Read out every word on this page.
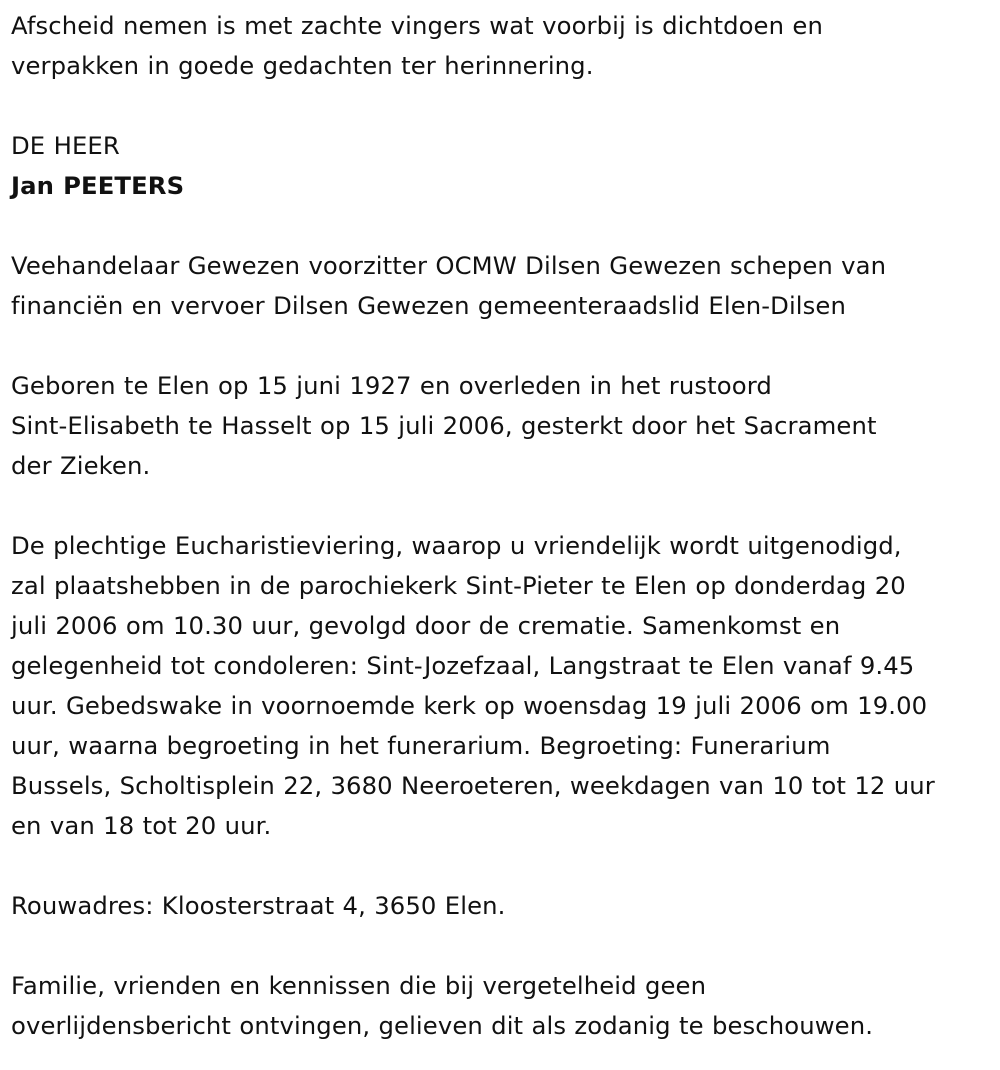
Afscheid nemen is met zachte vingers wat voorbij is dichtdoen en
verpakken in goede gedachten ter herinnering.
DE HEER
Jan PEETERS
Veehandelaar Gewezen voorzitter OCMW Dilsen Gewezen schepen van
financiën en vervoer Dilsen Gewezen gemeenteraadslid Elen-Dilsen
Geboren te Elen op 15 juni 1927 en overleden in het rustoord
Sint-Elisabeth te Hasselt op 15 juli 2006, gesterkt door het Sacrament
der Zieken.
De plechtige Eucharistieviering, waarop u vriendelijk wordt uitgenodigd,
zal plaatshebben in de parochiekerk Sint-Pieter te Elen op donderdag 20
juli 2006 om 10.30 uur, gevolgd door de crematie. Samenkomst en
gelegenheid tot condoleren: Sint-Jozefzaal, Langstraat te Elen vanaf 9.45
uur. Gebedswake in voornoemde kerk op woensdag 19 juli 2006 om 19.00
uur, waarna begroeting in het funerarium. Begroeting: Funerarium
Bussels, Scholtisplein 22, 3680 Neeroeteren, weekdagen van 10 tot 12 uur
en van 18 tot 20 uur.
Rouwadres: Kloosterstraat 4, 3650 Elen.
Familie, vrienden en kennissen die bij vergetelheid geen
overlijdensbericht ontvingen, gelieven dit als zodanig te beschouwen.
